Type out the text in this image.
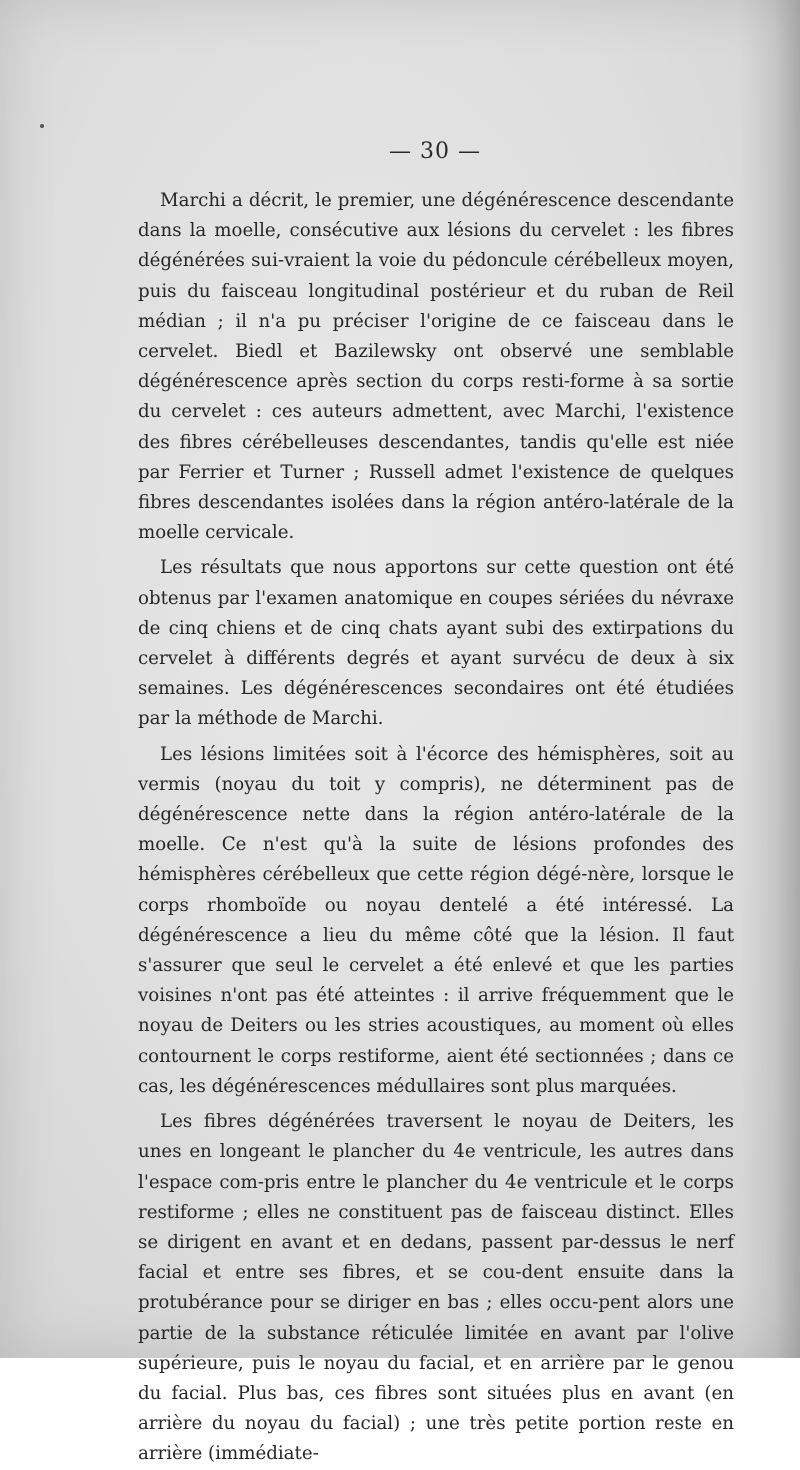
— 30 —

Marchi a décrit, le premier, une dégénérescence descendante dans la moelle, consécutive aux lésions du cervelet : les fibres dégénérées sui-vraient la voie du pédoncule cérébelleux moyen, puis du faisceau longitudinal postérieur et du ruban de Reil médian ; il n'a pu préciser l'origine de ce faisceau dans le cervelet. Biedl et Bazilewsky ont observé une semblable dégénérescence après section du corps resti-forme à sa sortie du cervelet : ces auteurs admettent, avec Marchi, l'existence des fibres cérébelleuses descendantes, tandis qu'elle est niée par Ferrier et Turner ; Russell admet l'existence de quelques fibres descendantes isolées dans la région antéro-latérale de la moelle cervicale.

Les résultats que nous apportons sur cette question ont été obtenus par l'examen anatomique en coupes sériées du névraxe de cinq chiens et de cinq chats ayant subi des extirpations du cervelet à différents degrés et ayant survécu de deux à six semaines. Les dégénérescences secondaires ont été étudiées par la méthode de Marchi.

Les lésions limitées soit à l'écorce des hémisphères, soit au vermis (noyau du toit y compris), ne déterminent pas de dégénérescence nette dans la région antéro-latérale de la moelle. Ce n'est qu'à la suite de lésions profondes des hémisphères cérébelleux que cette région dégé-nère, lorsque le corps rhomboïde ou noyau dentelé a été intéressé. La dégénérescence a lieu du même côté que la lésion. Il faut s'assurer que seul le cervelet a été enlevé et que les parties voisines n'ont pas été atteintes : il arrive fréquemment que le noyau de Deiters ou les stries acoustiques, au moment où elles contournent le corps restiforme, aient été sectionnées ; dans ce cas, les dégénérescences médullaires sont plus marquées.

Les fibres dégénérées traversent le noyau de Deiters, les unes en longeant le plancher du 4e ventricule, les autres dans l'espace com-pris entre le plancher du 4e ventricule et le corps restiforme ; elles ne constituent pas de faisceau distinct. Elles se dirigent en avant et en dedans, passent par-dessus le nerf facial et entre ses fibres, et se cou-dent ensuite dans la protubérance pour se diriger en bas ; elles occu-pent alors une partie de la substance réticulée limitée en avant par l'olive supérieure, puis le noyau du facial, et en arrière par le genou du facial. Plus bas, ces fibres sont situées plus en avant (en arrière du noyau du facial) ; une très petite portion reste en arrière (immédiate-
